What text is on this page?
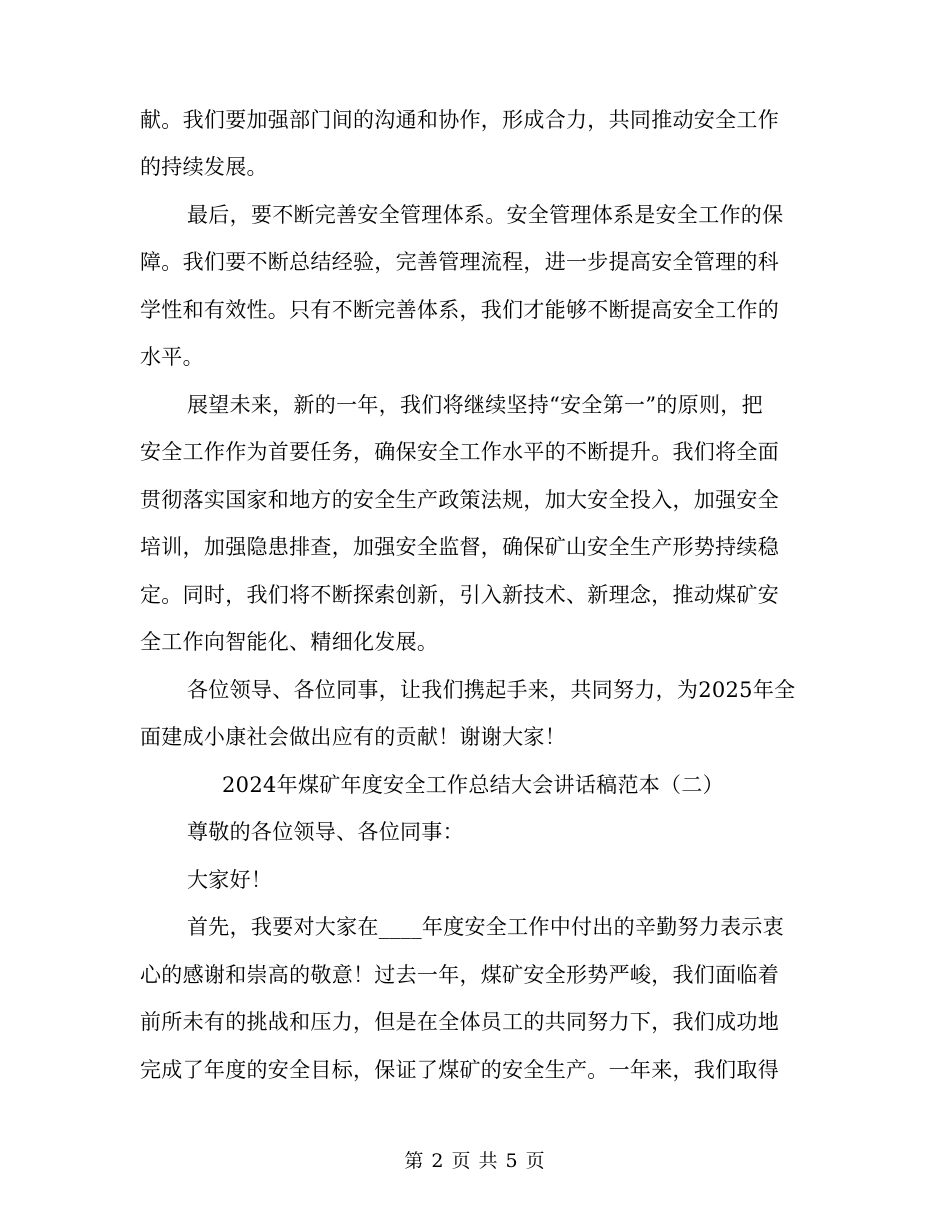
献。我们要加强部门间的沟通和协作，形成合力，共同推动安全工作
的持续发展。
最后，要不断完善安全管理体系。安全管理体系是安全工作的保
障。我们要不断总结经验，完善管理流程，进一步提高安全管理的科
学性和有效性。只有不断完善体系，我们才能够不断提高安全工作的
水平。
展望未来，新的一年，我们将继续坚持“安全第一”的原则，把
安全工作作为首要任务，确保安全工作水平的不断提升。我们将全面
贯彻落实国家和地方的安全生产政策法规，加大安全投入，加强安全
培训，加强隐患排查，加强安全监督，确保矿山安全生产形势持续稳
定。同时，我们将不断探索创新，引入新技术、新理念，推动煤矿安
全工作向智能化、精细化发展。
各位领导、各位同事，让我们携起手来，共同努力，为2025年全
面建成小康社会做出应有的贡献！谢谢大家！
2024年煤矿年度安全工作总结大会讲话稿范本（二）
尊敬的各位领导、各位同事：
大家好！
首先，我要对大家在____年度安全工作中付出的辛勤努力表示衷
心的感谢和崇高的敬意！过去一年，煤矿安全形势严峻，我们面临着
前所未有的挑战和压力，但是在全体员工的共同努力下，我们成功地
完成了年度的安全目标，保证了煤矿的安全生产。一年来，我们取得
第 2 页 共 5 页
